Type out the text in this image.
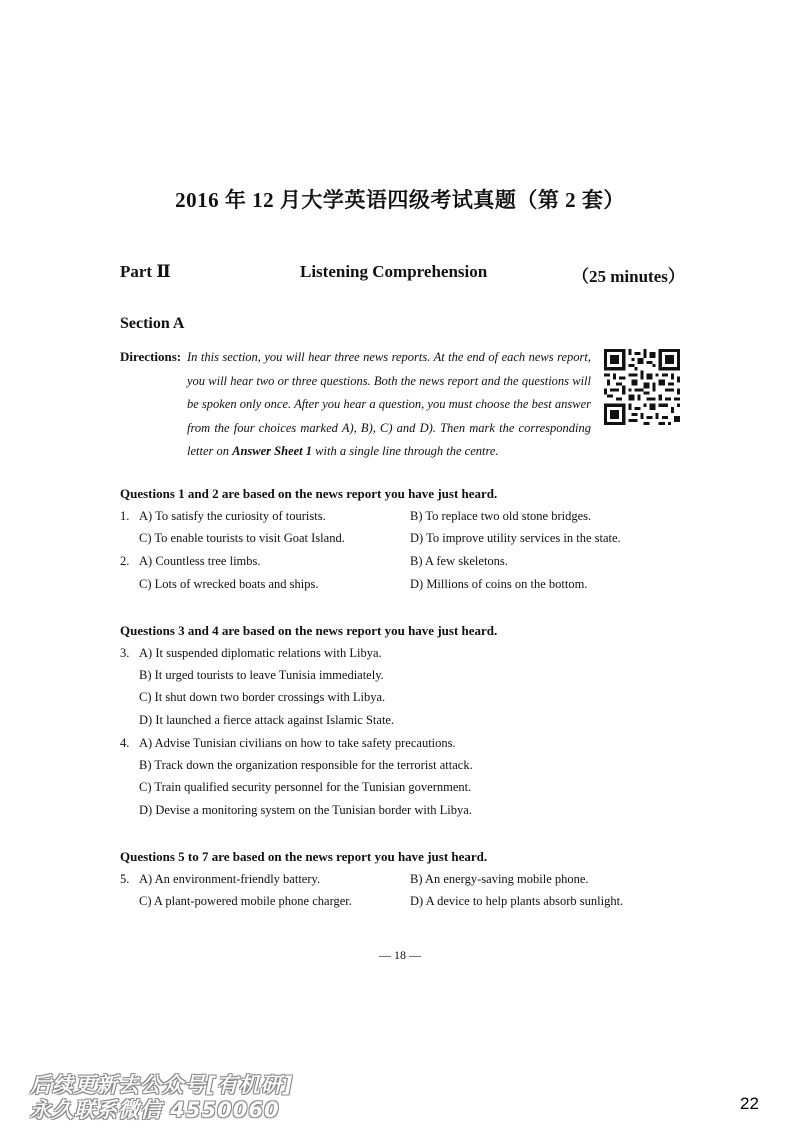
2016 年 12 月大学英语四级考试真题（第 2 套）
Part Ⅱ	Listening Comprehension	（25 minutes）
Section A
Directions: In this section, you will hear three news reports. At the end of each news report, you will hear two or three questions. Both the news report and the questions will be spoken only once. After you hear a question, you must choose the best answer from the four choices marked A), B), C) and D). Then mark the corresponding letter on Answer Sheet 1 with a single line through the centre.
Questions 1 and 2 are based on the news report you have just heard.
1. A) To satisfy the curiosity of tourists.	B) To replace two old stone bridges.
C) To enable tourists to visit Goat Island.	D) To improve utility services in the state.
2. A) Countless tree limbs.	B) A few skeletons.
C) Lots of wrecked boats and ships.	D) Millions of coins on the bottom.
Questions 3 and 4 are based on the news report you have just heard.
3. A) It suspended diplomatic relations with Libya.
B) It urged tourists to leave Tunisia immediately.
C) It shut down two border crossings with Libya.
D) It launched a fierce attack against Islamic State.
4. A) Advise Tunisian civilians on how to take safety precautions.
B) Track down the organization responsible for the terrorist attack.
C) Train qualified security personnel for the Tunisian government.
D) Devise a monitoring system on the Tunisian border with Libya.
Questions 5 to 7 are based on the news report you have just heard.
5. A) An environment-friendly battery.	B) An energy-saving mobile phone.
C) A plant-powered mobile phone charger.	D) A device to help plants absorb sunlight.
— 18 —
后续更新去公众号[有机研]
永久联系微信 4550060	22
